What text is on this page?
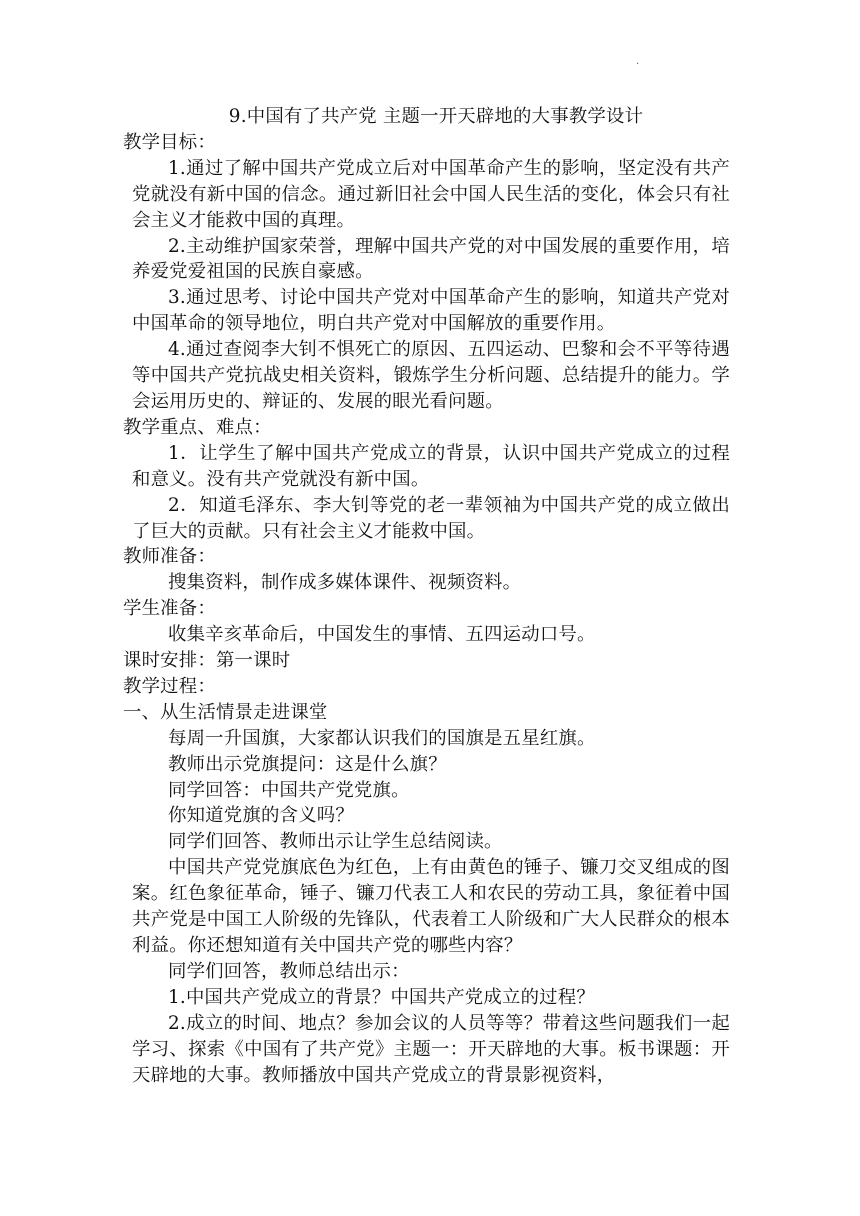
.
9.中国有了共产党 主题一开天辟地的大事教学设计
教学目标：
1.通过了解中国共产党成立后对中国革命产生的影响，坚定没有共产党就没有新中国的信念。通过新旧社会中国人民生活的变化，体会只有社会主义才能救中国的真理。
2.主动维护国家荣誉，理解中国共产党的对中国发展的重要作用，培养爱党爱祖国的民族自豪感。
3.通过思考、讨论中国共产党对中国革命产生的影响，知道共产党对中国革命的领导地位，明白共产党对中国解放的重要作用。
4.通过查阅李大钊不惧死亡的原因、五四运动、巴黎和会不平等待遇等中国共产党抗战史相关资料，锻炼学生分析问题、总结提升的能力。学会运用历史的、辩证的、发展的眼光看问题。
教学重点、难点：
1．让学生了解中国共产党成立的背景，认识中国共产党成立的过程和意义。没有共产党就没有新中国。
2．知道毛泽东、李大钊等党的老一辈领袖为中国共产党的成立做出了巨大的贡献。只有社会主义才能救中国。
教师准备：
搜集资料，制作成多媒体课件、视频资料。
学生准备：
收集辛亥革命后，中国发生的事情、五四运动口号。
课时安排：第一课时
教学过程：
一、从生活情景走进课堂
每周一升国旗，大家都认识我们的国旗是五星红旗。
教师出示党旗提问：这是什么旗？
同学回答：中国共产党党旗。
你知道党旗的含义吗？
同学们回答、教师出示让学生总结阅读。
中国共产党党旗底色为红色，上有由黄色的锤子、镰刀交叉组成的图案。红色象征革命，锤子、镰刀代表工人和农民的劳动工具，象征着中国共产党是中国工人阶级的先锋队，代表着工人阶级和广大人民群众的根本利益。你还想知道有关中国共产党的哪些内容？
同学们回答，教师总结出示：
1.中国共产党成立的背景？中国共产党成立的过程？
2.成立的时间、地点？参加会议的人员等等？带着这些问题我们一起学习、探索《中国有了共产党》主题一：开天辟地的大事。板书课题：开天辟地的大事。教师播放中国共产党成立的背景影视资料，
